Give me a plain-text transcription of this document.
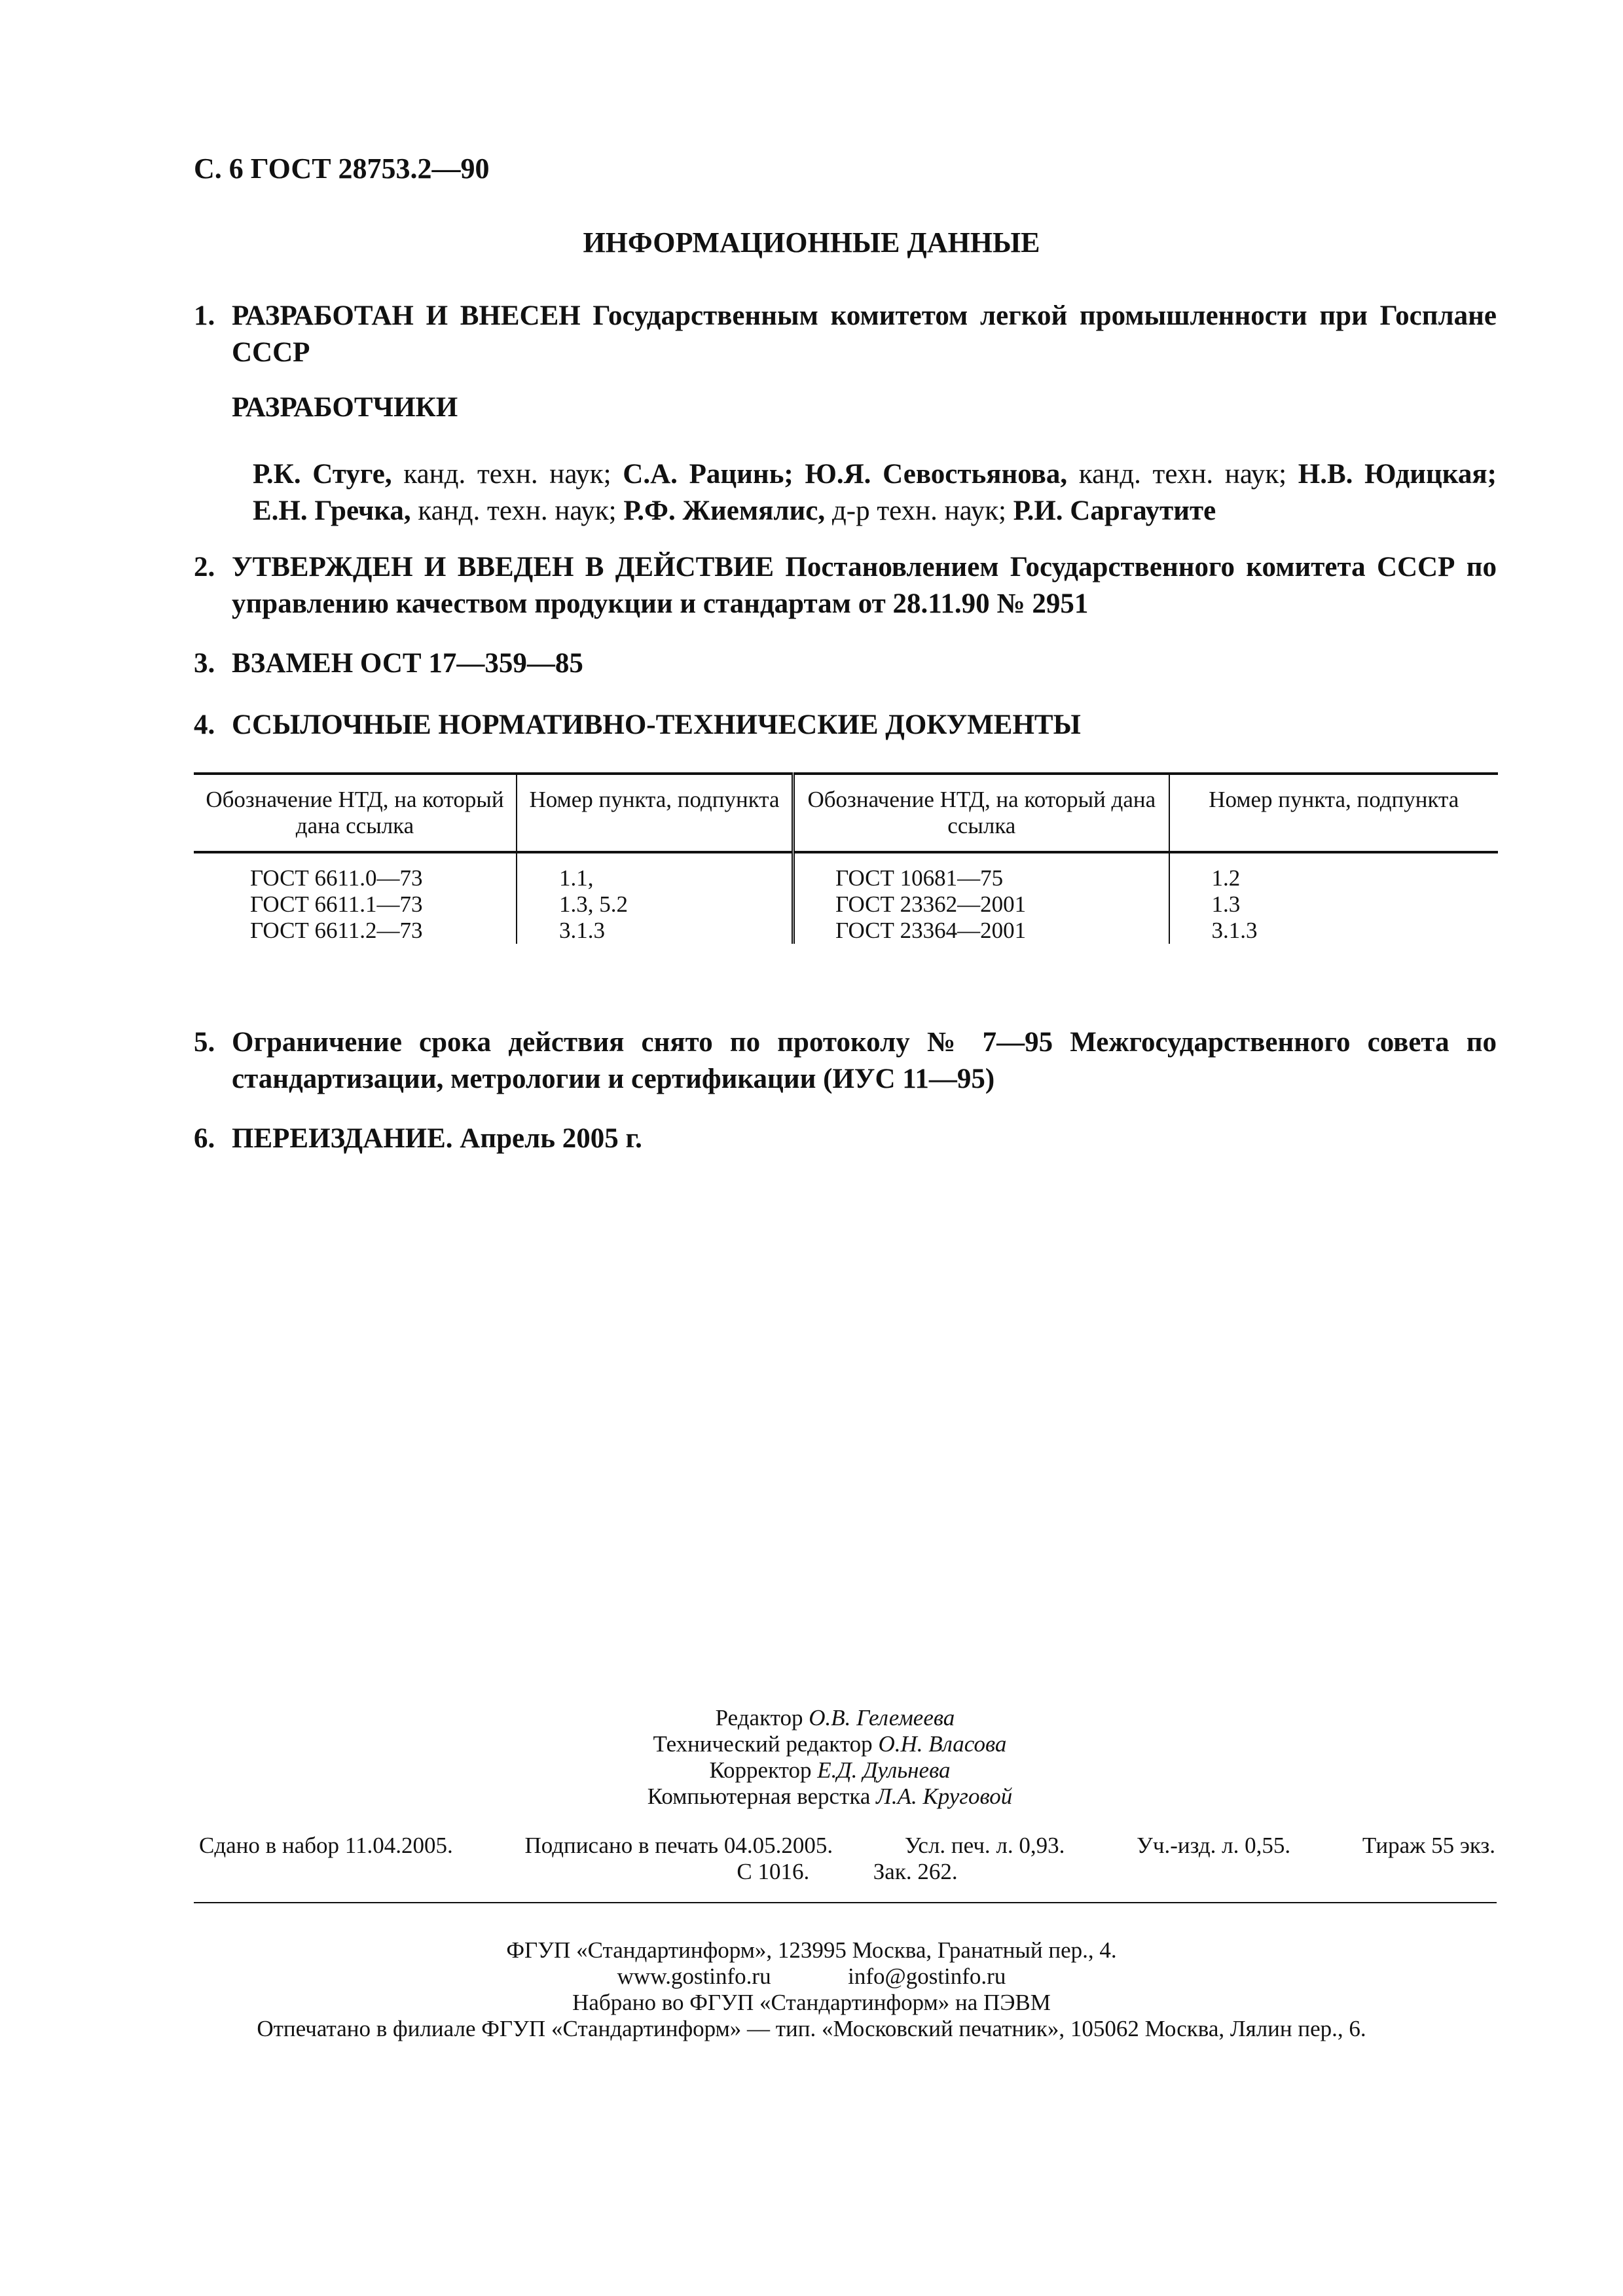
С. 6 ГОСТ 28753.2—90
ИНФОРМАЦИОННЫЕ ДАННЫЕ
1. РАЗРАБОТАН И ВНЕСЕН Государственным комитетом легкой промышленности при Госплане СССР
РАЗРАБОТЧИКИ
Р.К. Стуге, канд. техн. наук; С.А. Рацинь; Ю.Я. Севостьянова, канд. техн. наук; Н.В. Юдицкая;
Е.Н. Гречка, канд. техн. наук; Р.Ф. Жиемялис, д-р техн. наук; Р.И. Саргаутите
2. УТВЕРЖДЕН И ВВЕДЕН В ДЕЙСТВИЕ Постановлением Государственного комитета СССР по управлению качеством продукции и стандартам от 28.11.90 № 2951
3. ВЗАМЕН ОСТ 17—359—85
4. ССЫЛОЧНЫЕ НОРМАТИВНО-ТЕХНИЧЕСКИЕ ДОКУМЕНТЫ
Обозначение НТД, на который дана ссылка	Номер пункта, подпункта	Обозначение НТД, на который дана ссылка	Номер пункта, подпункта
ГОСТ 6611.0—73	1.1,	ГОСТ 10681—75	1.2
ГОСТ 6611.1—73	1.3, 5.2	ГОСТ 23362—2001	1.3
ГОСТ 6611.2—73	3.1.3	ГОСТ 23364—2001	3.1.3
5. Ограничение срока действия снято по протоколу № 7—95 Межгосударственного совета по стандартизации, метрологии и сертификации (ИУС 11—95)
6. ПЕРЕИЗДАНИЕ. Апрель 2005 г.
Редактор О.В. Гелемеева
Технический редактор О.Н. Власова
Корректор Е.Д. Дульнева
Компьютерная верстка Л.А. Круговой
Сдано в набор 11.04.2005.	Подписано в печать 04.05.2005.	Усл. печ. л. 0,93.	Уч.-изд. л. 0,55.	Тираж 55 экз.
С 1016.	Зак. 262.
ФГУП «Стандартинформ», 123995 Москва, Гранатный пер., 4.
www.gostinfo.ru	info@gostinfo.ru
Набрано во ФГУП «Стандартинформ» на ПЭВМ
Отпечатано в филиале ФГУП «Стандартинформ» — тип. «Московский печатник», 105062 Москва, Лялин пер., 6.
